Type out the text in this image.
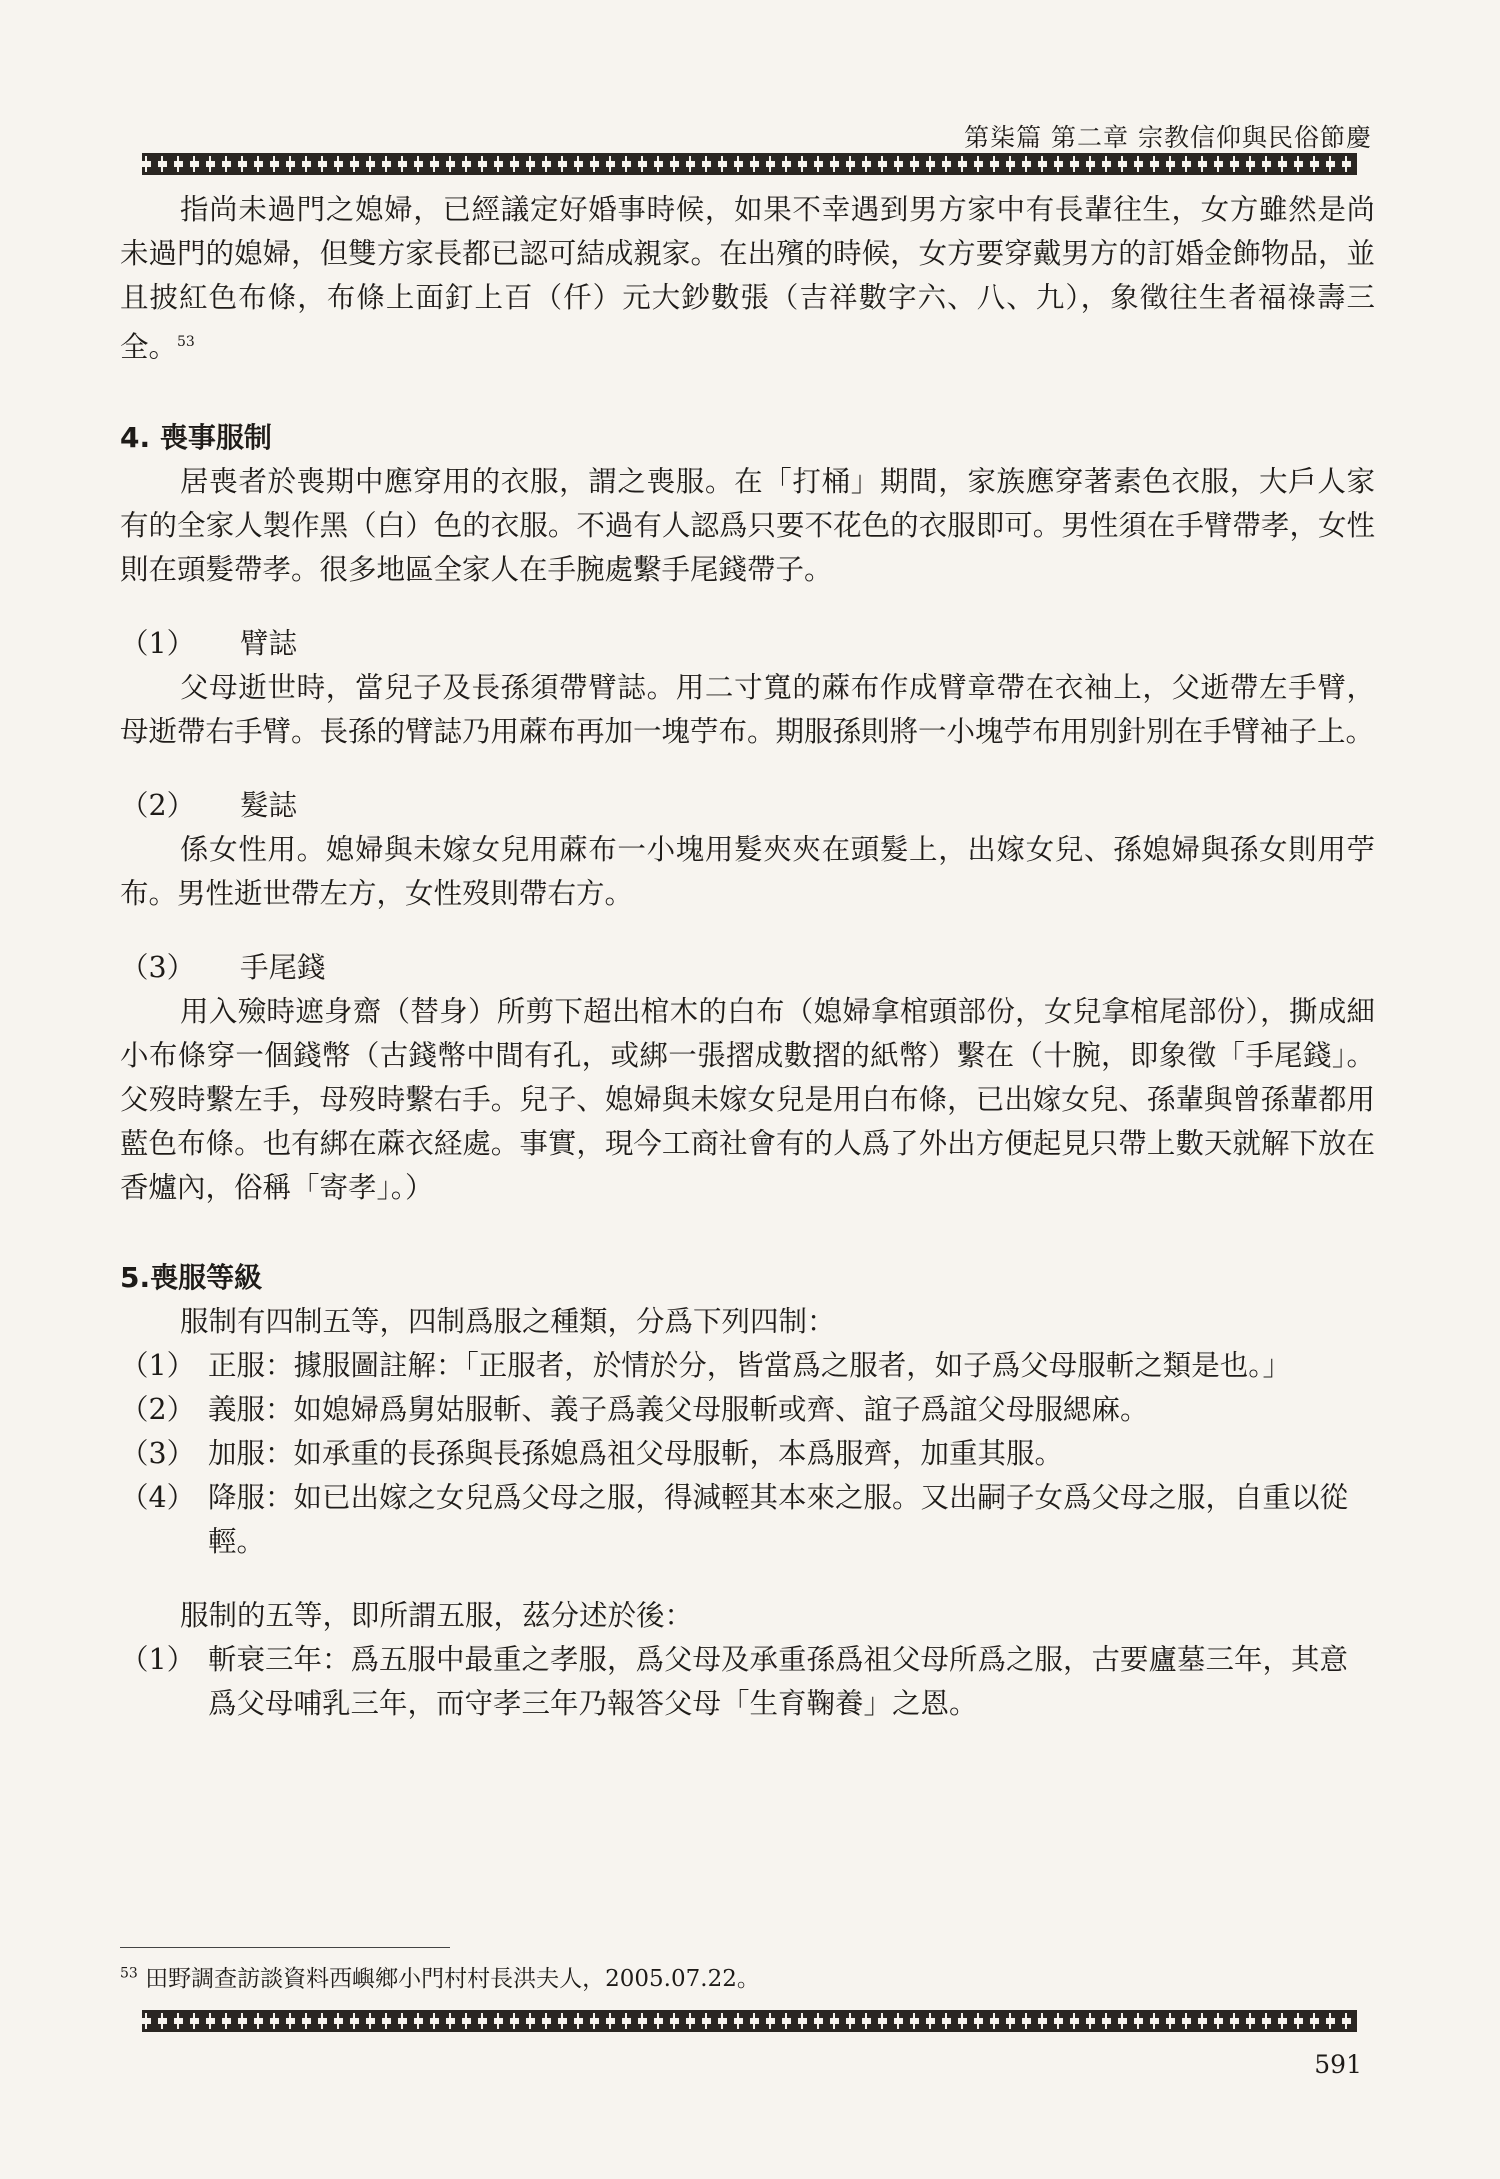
第柒篇 第二章 宗教信仰與民俗節慶

指尚未過門之媳婦，已經議定好婚事時候，如果不幸遇到男方家中有長輩往生，女方雖然是尚未過門的媳婦，但雙方家長都已認可結成親家。在出殯的時候，女方要穿戴男方的訂婚金飾物品，並且披紅色布條，布條上面釘上百（仟）元大鈔數張（吉祥數字六、八、九），象徵往生者福祿壽三全。$^{53}$

4. 喪事服制

居喪者於喪期中應穿用的衣服，謂之喪服。在「打桶」期間，家族應穿著素色衣服，大戶人家有的全家人製作黑（白）色的衣服。不過有人認爲只要不花色的衣服即可。男性須在手臂帶孝，女性則在頭髮帶孝。很多地區全家人在手腕處繫手尾錢帶子。

（1）	臂誌

父母逝世時，當兒子及長孫須帶臂誌。用二寸寬的蔴布作成臂章帶在衣袖上，父逝帶左手臂，母逝帶右手臂。長孫的臂誌乃用蔴布再加一塊苧布。期服孫則將一小塊苧布用別針別在手臂袖子上。

（2）	髮誌

係女性用。媳婦與未嫁女兒用蔴布一小塊用髮夾夾在頭髮上，出嫁女兒、孫媳婦與孫女則用苧布。男性逝世帶左方，女性歿則帶右方。

（3）	手尾錢

用入殮時遮身齋（替身）所剪下超出棺木的白布（媳婦拿棺頭部份，女兒拿棺尾部份），撕成細小布條穿一個錢幣（古錢幣中間有孔，或綁一張摺成數摺的紙幣）繫在（十腕，即象徵「手尾錢」。父歿時繫左手，母歿時繫右手。兒子、媳婦與未嫁女兒是用白布條，已出嫁女兒、孫輩與曾孫輩都用藍色布條。也有綁在蔴衣経處。事實，現今工商社會有的人爲了外出方便起見只帶上數天就解下放在香爐內，俗稱「寄孝」。）

5.喪服等級

服制有四制五等，四制爲服之種類，分爲下列四制：

（1） 正服：據服圖註解：「正服者，於情於分，皆當爲之服者，如子爲父母服斬之類是也。」
（2） 義服：如媳婦爲舅姑服斬、義子爲義父母服斬或齊、誼子爲誼父母服緦麻。
（3） 加服：如承重的長孫與長孫媳爲祖父母服斬，本爲服齊，加重其服。
（4） 降服：如已出嫁之女兒爲父母之服，得減輕其本來之服。又出嗣子女爲父母之服，自重以從輕。

服制的五等，即所謂五服，茲分述於後：

（1） 斬衰三年：爲五服中最重之孝服，爲父母及承重孫爲祖父母所爲之服，古要廬墓三年，其意爲父母哺乳三年，而守孝三年乃報答父母「生育鞠養」之恩。
$^{53}$ 田野調查訪談資料西嶼鄉小門村村長洪夫人，2005.07.22。
591
